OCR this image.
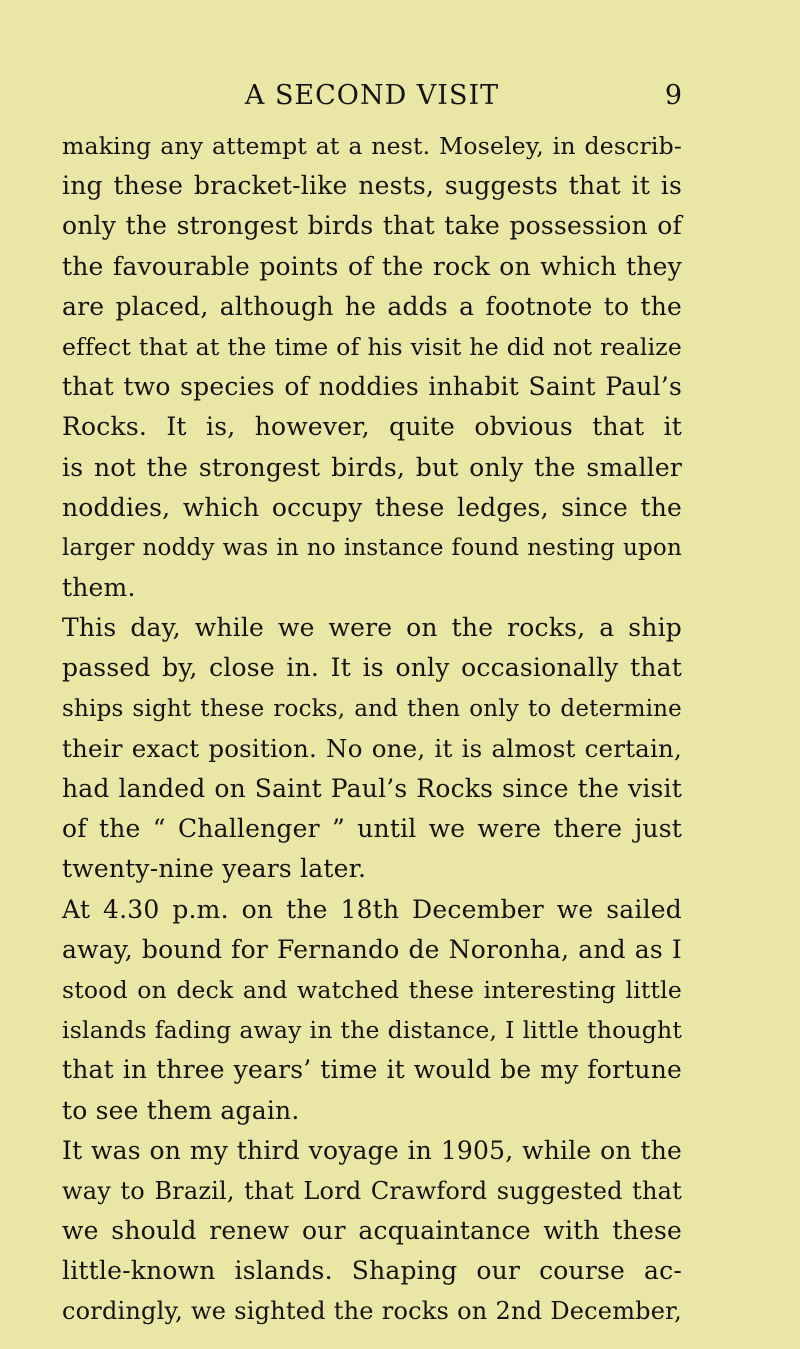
A SECOND VISIT	9
making any attempt at a nest. Moseley, in describ-
ing these bracket-like nests, suggests that it is
only the strongest birds that take possession of
the favourable points of the rock on which they
are placed, although he adds a footnote to the
effect that at the time of his visit he did not realize
that two species of noddies inhabit Saint Paul’s
Rocks. It is, however, quite obvious that it
is not the strongest birds, but only the smaller
noddies, which occupy these ledges, since the
larger noddy was in no instance found nesting upon
them.
This day, while we were on the rocks, a ship
passed by, close in. It is only occasionally that
ships sight these rocks, and then only to determine
their exact position. No one, it is almost certain,
had landed on Saint Paul’s Rocks since the visit
of the “ Challenger ” until we were there just
twenty-nine years later.
At 4.30 p.m. on the 18th December we sailed
away, bound for Fernando de Noronha, and as I
stood on deck and watched these interesting little
islands fading away in the distance, I little thought
that in three years’ time it would be my fortune
to see them again.
It was on my third voyage in 1905, while on the
way to Brazil, that Lord Crawford suggested that
we should renew our acquaintance with these
little-known islands. Shaping our course ac-
cordingly, we sighted the rocks on 2nd December,
